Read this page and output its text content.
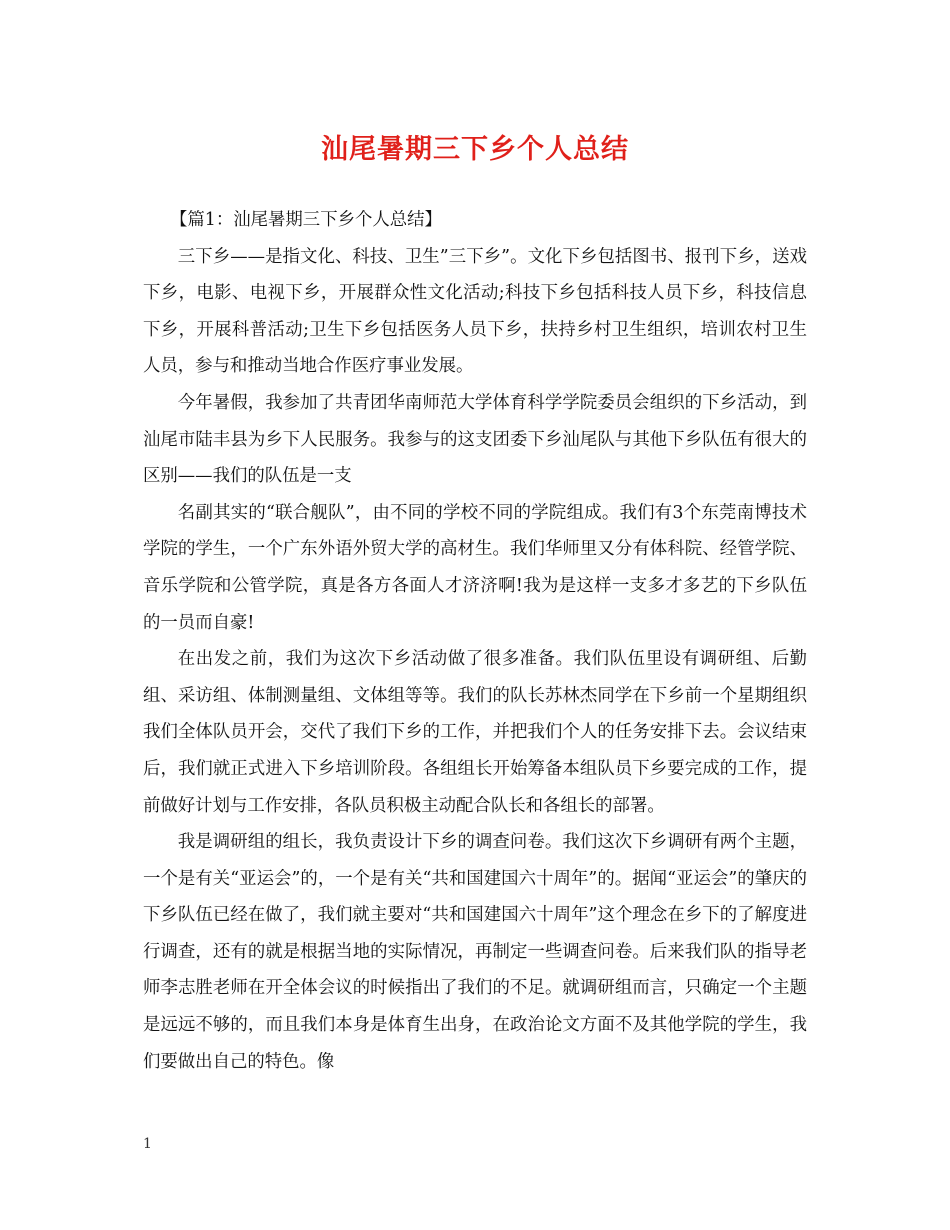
汕尾暑期三下乡个人总结

【篇1：汕尾暑期三下乡个人总结】

三下乡——是指文化、科技、卫生”三下乡”。文化下乡包括图书、报刊下乡，送戏下乡，电影、电视下乡，开展群众性文化活动;科技下乡包括科技人员下乡，科技信息下乡，开展科普活动;卫生下乡包括医务人员下乡，扶持乡村卫生组织，培训农村卫生人员，参与和推动当地合作医疗事业发展。

今年暑假，我参加了共青团华南师范大学体育科学学院委员会组织的下乡活动，到汕尾市陆丰县为乡下人民服务。我参与的这支团委下乡汕尾队与其他下乡队伍有很大的区别——我们的队伍是一支

名副其实的“联合舰队”，由不同的学校不同的学院组成。我们有3个东莞南博技术学院的学生，一个广东外语外贸大学的高材生。我们华师里又分有体科院、经管学院、音乐学院和公管学院，真是各方各面人才济济啊!我为是这样一支多才多艺的下乡队伍的一员而自豪!

在出发之前，我们为这次下乡活动做了很多准备。我们队伍里设有调研组、后勤组、采访组、体制测量组、文体组等等。我们的队长苏林杰同学在下乡前一个星期组织我们全体队员开会，交代了我们下乡的工作，并把我们个人的任务安排下去。会议结束后，我们就正式进入下乡培训阶段。各组组长开始筹备本组队员下乡要完成的工作，提前做好计划与工作安排，各队员积极主动配合队长和各组长的部署。

我是调研组的组长，我负责设计下乡的调查问卷。我们这次下乡调研有两个主题，一个是有关“亚运会”的，一个是有关“共和国建国六十周年”的。据闻“亚运会”的肇庆的下乡队伍已经在做了，我们就主要对“共和国建国六十周年”这个理念在乡下的了解度进行调查，还有的就是根据当地的实际情况，再制定一些调查问卷。后来我们队的指导老师李志胜老师在开全体会议的时候指出了我们的不足。就调研组而言，只确定一个主题是远远不够的，而且我们本身是体育生出身，在政治论文方面不及其他学院的学生，我们要做出自己的特色。像

1
